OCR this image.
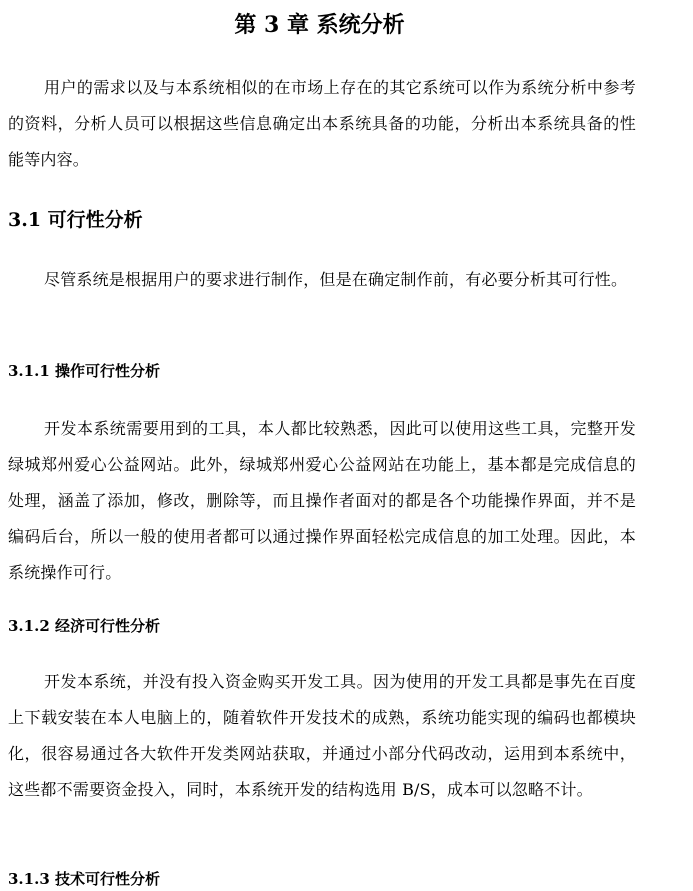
第 3 章 系统分析
用户的需求以及与本系统相似的在市场上存在的其它系统可以作为系统分析中参考的资料，分析人员可以根据这些信息确定出本系统具备的功能，分析出本系统具备的性能等内容。
3.1 可行性分析
尽管系统是根据用户的要求进行制作，但是在确定制作前，有必要分析其可行性。
3.1.1 操作可行性分析
开发本系统需要用到的工具，本人都比较熟悉，因此可以使用这些工具，完整开发绿城郑州爱心公益网站。此外，绿城郑州爱心公益网站在功能上，基本都是完成信息的处理，涵盖了添加，修改，删除等，而且操作者面对的都是各个功能操作界面，并不是编码后台，所以一般的使用者都可以通过操作界面轻松完成信息的加工处理。因此，本系统操作可行。
3.1.2 经济可行性分析
开发本系统，并没有投入资金购买开发工具。因为使用的开发工具都是事先在百度上下载安装在本人电脑上的，随着软件开发技术的成熟，系统功能实现的编码也都模块化，很容易通过各大软件开发类网站获取，并通过小部分代码改动，运用到本系统中，这些都不需要资金投入，同时，本系统开发的结构选用 B/S，成本可以忽略不计。
3.1.3 技术可行性分析
